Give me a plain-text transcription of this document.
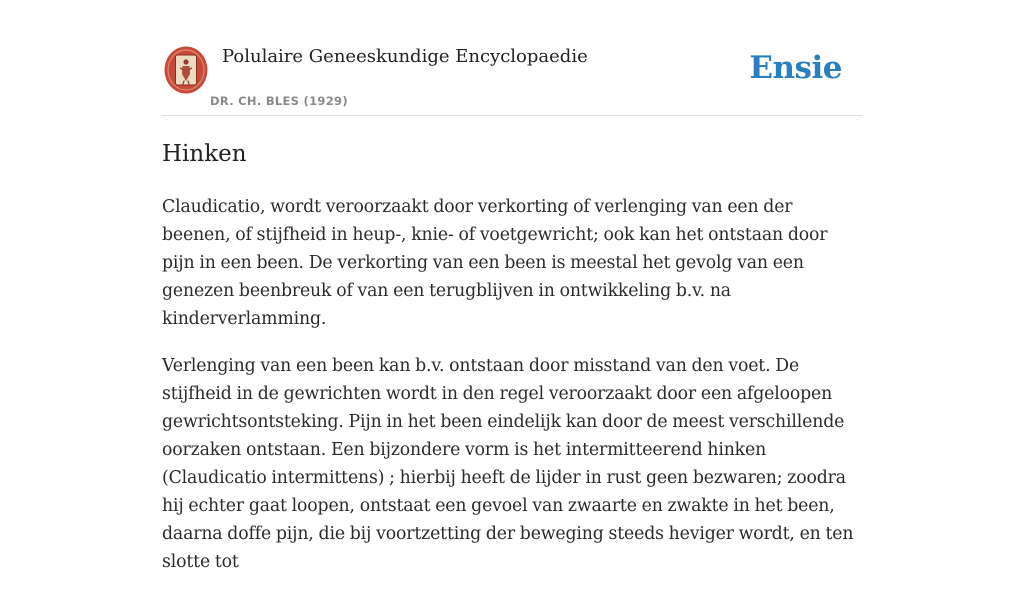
Polulaire Geneeskundige Encyclopaedie
DR. CH. BLES (1929)
Ensie
Hinken

Claudicatio, wordt veroorzaakt door verkorting of verlenging van een der beenen, of stijfheid in heup-, knie- of voetgewricht; ook kan het ontstaan door pijn in een been. De verkorting van een been is meestal het gevolg van een genezen beenbreuk of van een terugblijven in ontwikkeling b.v. na kinderverlamming.

Verlenging van een been kan b.v. ontstaan door misstand van den voet. De stijfheid in de gewrichten wordt in den regel veroorzaakt door een afgeloopen gewrichtsontsteking. Pijn in het been eindelijk kan door de meest verschillende oorzaken ontstaan. Een bijzondere vorm is het intermitteerend hinken (Claudicatio intermittens) ; hierbij heeft de lijder in rust geen bezwaren; zoodra hij echter gaat loopen, ontstaat een gevoel van zwaarte en zwakte in het been, daarna doffe pijn, die bij voortzetting der beweging steeds heviger wordt, en ten slotte tot
